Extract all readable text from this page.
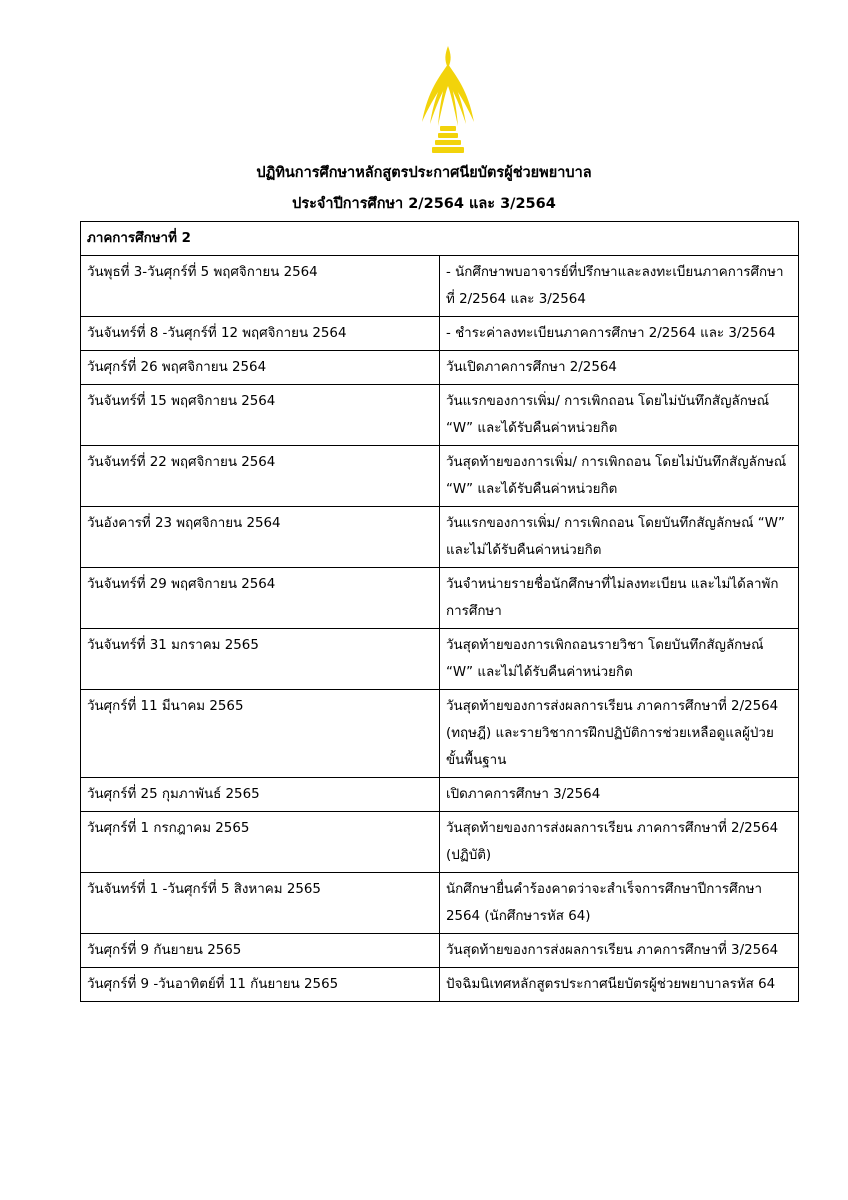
ปฏิทินการศึกษาหลักสูตรประกาศนียบัตรผู้ช่วยพยาบาล
ประจำปีการศึกษา 2/2564 และ 3/2564
ภาคการศึกษาที่ 2	
วันพุธที่ 3-วันศุกร์ที่ 5 พฤศจิกายน 2564	- นักศึกษาพบอาจารย์ที่ปรึกษาและลงทะเบียนภาคการศึกษาที่ 2/2564 และ 3/2564
วันจันทร์ที่ 8 -วันศุกร์ที่ 12 พฤศจิกายน 2564	- ชำระค่าลงทะเบียนภาคการศึกษา 2/2564 และ 3/2564
วันศุกร์ที่ 26 พฤศจิกายน 2564	วันเปิดภาคการศึกษา 2/2564
วันจันทร์ที่ 15 พฤศจิกายน 2564	วันแรกของการเพิ่ม/ การเพิกถอน โดยไม่บันทึกสัญลักษณ์ “W” และได้รับคืนค่าหน่วยกิต
วันจันทร์ที่ 22 พฤศจิกายน 2564	วันสุดท้ายของการเพิ่ม/ การเพิกถอน โดยไม่บันทึกสัญลักษณ์ “W” และได้รับคืนค่าหน่วยกิต
วันอังคารที่ 23 พฤศจิกายน 2564	วันแรกของการเพิ่ม/ การเพิกถอน โดยบันทึกสัญลักษณ์ “W” และไม่ได้รับคืนค่าหน่วยกิต
วันจันทร์ที่ 29 พฤศจิกายน 2564	วันจำหน่ายรายชื่อนักศึกษาที่ไม่ลงทะเบียน และไม่ได้ลาพักการศึกษา
วันจันทร์ที่ 31 มกราคม 2565	วันสุดท้ายของการเพิกถอนรายวิชา โดยบันทึกสัญลักษณ์ “W” และไม่ได้รับคืนค่าหน่วยกิต
วันศุกร์ที่ 11 มีนาคม 2565	วันสุดท้ายของการส่งผลการเรียน ภาคการศึกษาที่ 2/2564 (ทฤษฎี) และรายวิชาการฝึกปฏิบัติการช่วยเหลือดูแลผู้ป่วยขั้นพื้นฐาน
วันศุกร์ที่ 25 กุมภาพันธ์ 2565	เปิดภาคการศึกษา 3/2564
วันศุกร์ที่ 1 กรกฎาคม 2565	วันสุดท้ายของการส่งผลการเรียน ภาคการศึกษาที่ 2/2564 (ปฏิบัติ)
วันจันทร์ที่ 1 -วันศุกร์ที่ 5 สิงหาคม 2565	นักศึกษายื่นคำร้องคาดว่าจะสำเร็จการศึกษาปีการศึกษา 2564 (นักศึกษารหัส 64)
วันศุกร์ที่ 9 กันยายน 2565	วันสุดท้ายของการส่งผลการเรียน ภาคการศึกษาที่ 3/2564
วันศุกร์ที่ 9 -วันอาทิตย์ที่ 11 กันยายน 2565	ปัจฉิมนิเทศหลักสูตรประกาศนียบัตรผู้ช่วยพยาบาลรหัส 64
